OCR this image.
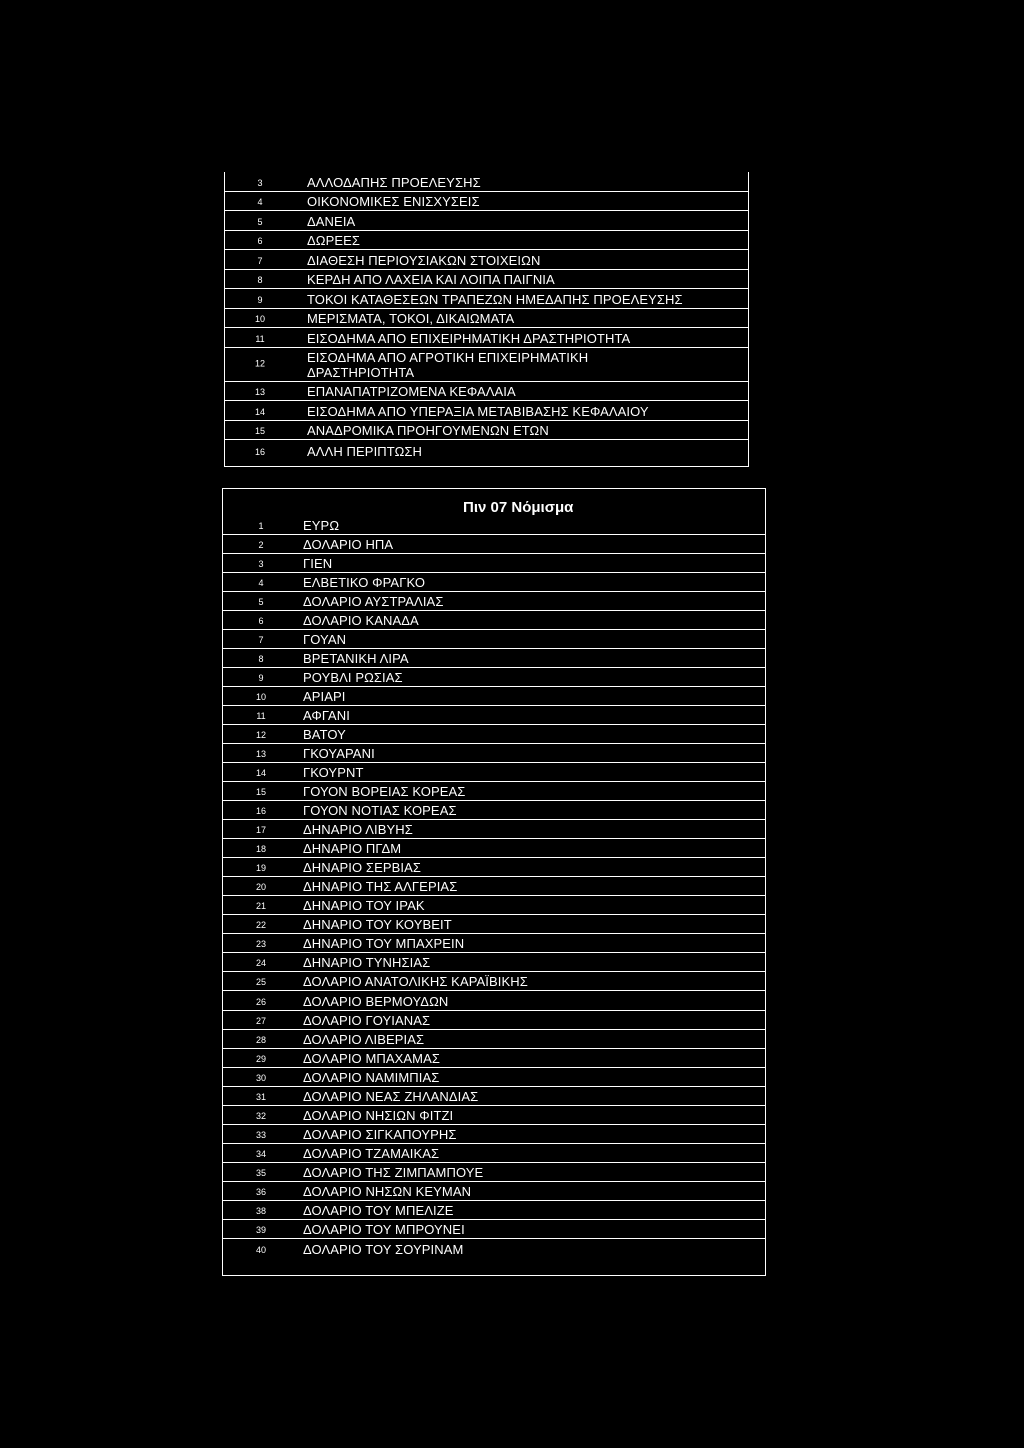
3	ΑΛΛΟΔΑΠΗΣ ΠΡΟΕΛΕΥΣΗΣ
4	ΟΙΚΟΝΟΜΙΚΕΣ ΕΝΙΣΧΥΣΕΙΣ
5	ΔΑΝΕΙΑ
6	ΔΩΡΕΕΣ
7	ΔΙΑΘΕΣΗ ΠΕΡΙΟΥΣΙΑΚΩΝ ΣΤΟΙΧΕΙΩΝ
8	ΚΕΡΔΗ ΑΠΟ ΛΑΧΕΙΑ ΚΑΙ ΛΟΙΠΑ ΠΑΙΓΝΙΑ
9	ΤΟΚΟΙ ΚΑΤΑΘΕΣΕΩΝ ΤΡΑΠΕΖΩΝ ΗΜΕΔΑΠΗΣ ΠΡΟΕΛΕΥΣΗΣ
10	ΜΕΡΙΣΜΑΤΑ, ΤΟΚΟΙ, ΔΙΚΑΙΩΜΑΤΑ
11	ΕΙΣΟΔΗΜΑ ΑΠΟ ΕΠΙΧΕΙΡΗΜΑΤΙΚΗ ΔΡΑΣΤΗΡΙΟΤΗΤΑ
12	ΕΙΣΟΔΗΜΑ ΑΠΟ ΑΓΡΟΤΙΚΗ ΕΠΙΧΕΙΡΗΜΑΤΙΚΗ ΔΡΑΣΤΗΡΙΟΤΗΤΑ
13	ΕΠΑΝΑΠΑΤΡΙΖΟΜΕΝΑ ΚΕΦΑΛΑΙΑ
14	ΕΙΣΟΔΗΜΑ ΑΠΟ ΥΠΕΡΑΞΙΑ ΜΕΤΑΒΙΒΑΣΗΣ ΚΕΦΑΛΑΙΟΥ
15	ΑΝΑΔΡΟΜΙΚΑ ΠΡΟΗΓΟΥΜΕΝΩΝ ΕΤΩΝ
16	ΑΛΛΗ ΠΕΡΙΠΤΩΣΗ
Πιν 07 Νόμισμα
1	ΕΥΡΩ
2	ΔΟΛΑΡΙΟ ΗΠΑ
3	ΓΙΕΝ
4	ΕΛΒΕΤΙΚΟ ΦΡΑΓΚΟ
5	ΔΟΛΑΡΙΟ ΑΥΣΤΡΑΛΙΑΣ
6	ΔΟΛΑΡΙΟ ΚΑΝΑΔΑ
7	ΓΟΥΑΝ
8	ΒΡΕΤΑΝΙΚΗ ΛΙΡΑ
9	ΡΟΥΒΛΙ ΡΩΣΙΑΣ
10	ΑΡΙΑΡΙ
11	ΑΦΓΑΝΙ
12	ΒΑΤΟΥ
13	ΓΚΟΥΑΡΑΝΙ
14	ΓΚΟΥΡΝΤ
15	ΓΟΥΟΝ ΒΟΡΕΙΑΣ ΚΟΡΕΑΣ
16	ΓΟΥΟΝ ΝΟΤΙΑΣ ΚΟΡΕΑΣ
17	ΔΗΝΑΡΙΟ ΛΙΒΥΗΣ
18	ΔΗΝΑΡΙΟ ΠΓΔΜ
19	ΔΗΝΑΡΙΟ ΣΕΡΒΙΑΣ
20	ΔΗΝΑΡΙΟ ΤΗΣ ΑΛΓΕΡΙΑΣ
21	ΔΗΝΑΡΙΟ ΤΟΥ ΙΡΑΚ
22	ΔΗΝΑΡΙΟ ΤΟΥ ΚΟΥΒΕΙΤ
23	ΔΗΝΑΡΙΟ ΤΟΥ ΜΠΑΧΡΕΙΝ
24	ΔΗΝΑΡΙΟ ΤΥΝΗΣΙΑΣ
25	ΔΟΛΑΡΙΟ ΑΝΑΤΟΛΙΚΗΣ ΚΑΡΑΪΒΙΚΗΣ
26	ΔΟΛΑΡΙΟ ΒΕΡΜΟΥΔΩΝ
27	ΔΟΛΑΡΙΟ ΓΟΥΙΑΝΑΣ
28	ΔΟΛΑΡΙΟ ΛΙΒΕΡΙΑΣ
29	ΔΟΛΑΡΙΟ ΜΠΑΧΑΜΑΣ
30	ΔΟΛΑΡΙΟ ΝΑΜΙΜΠΙΑΣ
31	ΔΟΛΑΡΙΟ ΝΕΑΣ ΖΗΛΑΝΔΙΑΣ
32	ΔΟΛΑΡΙΟ ΝΗΣΙΩΝ ΦΙΤΖΙ
33	ΔΟΛΑΡΙΟ ΣΙΓΚΑΠΟΥΡΗΣ
34	ΔΟΛΑΡΙΟ ΤΖΑΜΑΙΚΑΣ
35	ΔΟΛΑΡΙΟ ΤΗΣ ΖΙΜΠΑΜΠΟΥΕ
36	ΔΟΛΑΡΙΟ ΝΗΣΩΝ ΚΕΥΜΑΝ
38	ΔΟΛΑΡΙΟ ΤΟΥ ΜΠΕΛΙΖΕ
39	ΔΟΛΑΡΙΟ ΤΟΥ ΜΠΡΟΥΝΕΙ
40	ΔΟΛΑΡΙΟ ΤΟΥ ΣΟΥΡΙΝΑΜ
